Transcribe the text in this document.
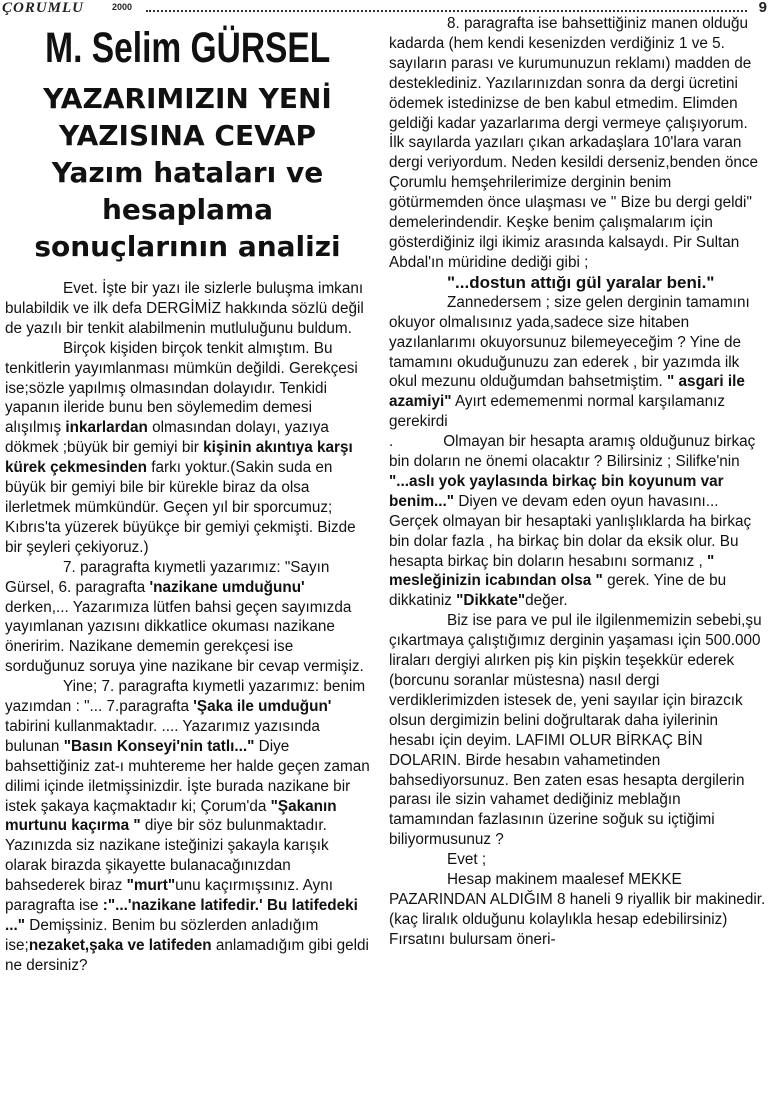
ÇORUMLU	2000	9
M. Selim GÜRSEL
YAZARIMIZIN YENİ
YAZISINA CEVAP
Yazım hataları ve
hesaplama
sonuçlarının analizi

Evet. İşte bir yazı ile sizlerle buluşma imkanı bulabildik ve ilk defa DERGİMİZ hakkında sözlü değil de yazılı bir tenkit alabilmenin mutluluğunu buldum.

Birçok kişiden birçok tenkit almıştım. Bu tenkitlerin yayımlanması mümkün değildi. Gerekçesi ise;sözle yapılmış olmasından dolayıdır. Tenkidi yapanın ileride bunu ben söylemedim demesi alışılmış inkarlardan olmasından dolayı, yazıya dökmek ;büyük bir gemiyi bir kişinin akıntıya karşı kürek çekmesinden farkı yoktur.(Sakin suda en büyük bir gemiyi bile bir kürekle biraz da olsa ilerletmek mümkündür. Geçen yıl bir sporcumuz; Kıbrıs'ta yüzerek büyükçe bir gemiyi çekmişti. Bizde bir şeyleri çekiyoruz.)

7. paragrafta kıymetli yazarımız: "Sayın Gürsel, 6. paragrafta 'nazikane umduğunu' derken,... Yazarımıza lütfen bahsi geçen sayımızda yayımlanan yazısını dikkatlice okuması nazikane öneririm. Nazikane dememin gerekçesi ise sorduğunuz soruya yine nazikane bir cevap vermişiz.

Yine; 7. paragrafta kıymetli yazarımız: benim yazımdan : "... 7.paragrafta 'Şaka ile umduğun' tabirini kullanmaktadır. .... Yazarımız yazısında bulunan "Basın Konseyi'nin tatlı..." Diye bahsettiğiniz zat-ı muhtereme her halde geçen zaman dilimi içinde iletmişsinizdir. İşte burada nazikane bir istek şakaya kaçmaktadır ki; Çorum'da "Şakanın murtunu kaçırma " diye bir söz bulunmaktadır. Yazınızda siz nazikane isteğinizi şakayla karışık olarak birazda şikayette bulanacağınızdan bahsederek biraz "murt"unu kaçırmışsınız. Aynı paragrafta ise :"...'nazikane latifedir.' Bu latifedeki ..." Demişsiniz. Benim bu sözlerden anladığım ise;nezaket,şaka ve latifeden anlamadığım gibi geldi ne dersiniz?

8. paragrafta ise bahsettiğiniz manen olduğu kadarda (hem kendi kesenizden verdiğiniz 1 ve 5. sayıların parası ve kurumunuzun reklamı) madden de desteklediniz. Yazılarınızdan sonra da dergi ücretini ödemek istedinizse de ben kabul etmedim. Elimden geldiği kadar yazarlarıma dergi vermeye çalışıyorum. İlk sayılarda yazıları çıkan arkadaşlara 10'lara varan dergi veriyordum. Neden kesildi derseniz,benden önce Çorumlu hemşehrilerimize derginin benim götürmemden önce ulaşması ve " Bize bu dergi geldi" demelerindendir. Keşke benim çalışmalarım için gösterdiğiniz ilgi ikimiz arasında kalsaydı. Pir Sultan Abdal'ın müridine dediği gibi ;

"...dostun attığı gül yaralar beni."

Zannedersem ; size gelen derginin tamamını okuyor olmalısınız yada,sadece size hitaben yazılanlarımı okuyorsunuz bilemeyeceğim ? Yine de tamamını okuduğunuzu zan ederek , bir yazımda ilk okul mezunu olduğumdan bahsetmiştim. " asgari ile azamiyi" Ayırt edememenmi normal karşılamanız gerekirdi

.	Olmayan bir hesapta aramış olduğunuz birkaç bin doların ne önemi olacaktır ? Bilirsiniz ; Silifke'nin "...aslı yok yaylasında birkaç bin koyunum var benim..." Diyen ve devam eden oyun havasını... Gerçek olmayan bir hesaptaki yanlışlıklarda ha birkaç bin dolar fazla , ha birkaç bin dolar da eksik olur. Bu hesapta birkaç bin doların hesabını sormanız , " mesleğinizin icabından olsa " gerek. Yine de bu dikkatiniz "Dikkate"değer.

Biz ise para ve pul ile ilgilenmemizin sebebi,şu çıkartmaya çalıştığımız derginin yaşaması için 500.000 liraları dergiyi alırken piş kin pişkin teşekkür ederek (borcunu soranlar müstesna) nasıl dergi verdiklerimizden istesek de, yeni sayılar için birazcık olsun dergimizin belini doğrultarak daha iyilerinin hesabı için deyim. LAFIMI OLUR BİRKAÇ BİN DOLARIN. Birde hesabın vahametinden bahsediyorsunuz. Ben zaten esas hesapta dergilerin parası ile sizin vahamet dediğiniz meblağın tamamından fazlasının üzerine soğuk su içtiğimi biliyormusunuz ?

Evet ;

Hesap makinem maalesef MEKKE PAZARINDAN ALDIĞIM 8 haneli 9 riyallik bir makinedir. (kaç liralık olduğunu kolaylıkla hesap edebilirsiniz) Fırsatını bulursam öneri-
